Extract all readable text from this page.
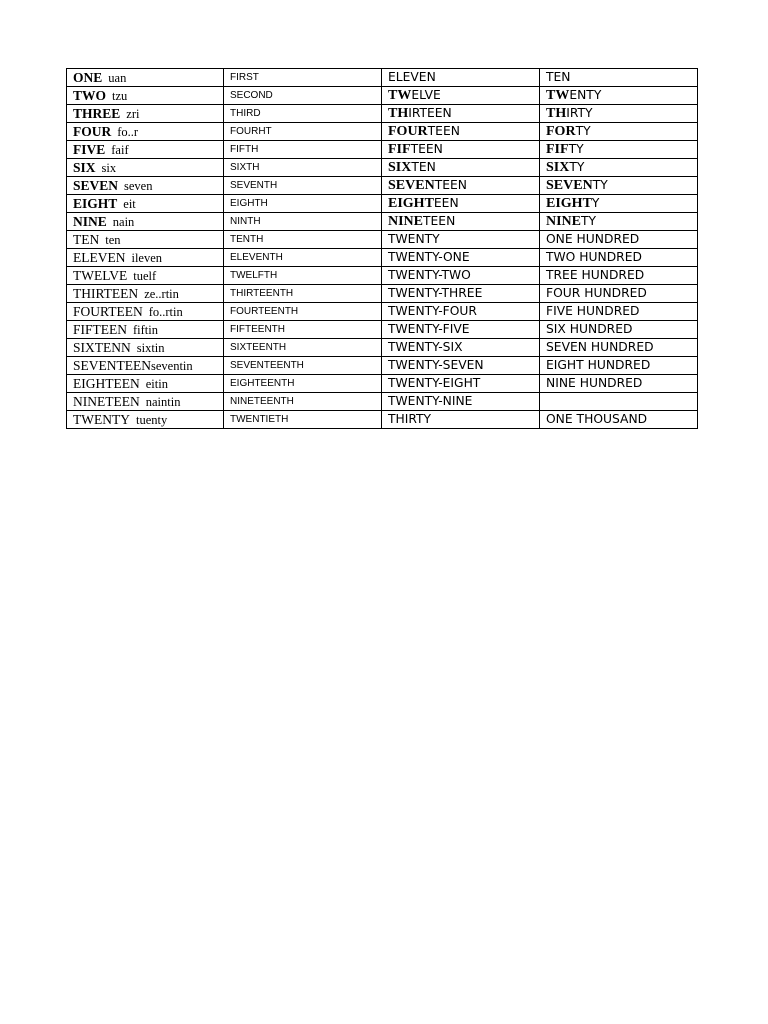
ONE uan	FIRST	ELEVEN	TEN
TWO tzu	SECOND	TWELVE	TWENTY
THREE zri	THIRD	THIRTEEN	THIRTY
FOUR fo..r	FOURHT	FOURTEEN	FORTY
FIVE faif	FIFTH	FIFTEEN	FIFTY
SIX six	SIXTH	SIXTEN	SIXTY
SEVEN seven	SEVENTH	SEVENTEEN	SEVENTY
EIGHT eit	EIGHTH	EIGHTEEN	EIGHTY
NINE nain	NINTH	NINETEEN	NINETY
TEN ten	TENTH	TWENTY	ONE HUNDRED
ELEVEN ileven	ELEVENTH	TWENTY-ONE	TWO HUNDRED
TWELVE tuelf	TWELFTH	TWENTY-TWO	TREE HUNDRED
THIRTEEN ze..rtin	THIRTEENTH	TWENTY-THREE	FOUR HUNDRED
FOURTEEN fo..rtin	FOURTEENTH	TWENTY-FOUR	FIVE HUNDRED
FIFTEEN fiftin	FIFTEENTH	TWENTY-FIVE	SIX HUNDRED
SIXTENN sixtin	SIXTEENTH	TWENTY-SIX	SEVEN HUNDRED
SEVENTEENseventin	SEVENTEENTH	TWENTY-SEVEN	EIGHT HUNDRED
EIGHTEEN eitin	EIGHTEENTH	TWENTY-EIGHT	NINE HUNDRED
NINETEEN naintin	NINETEENTH	TWENTY-NINE	
TWENTY tuenty	TWENTIETH	THIRTY	ONE THOUSAND
